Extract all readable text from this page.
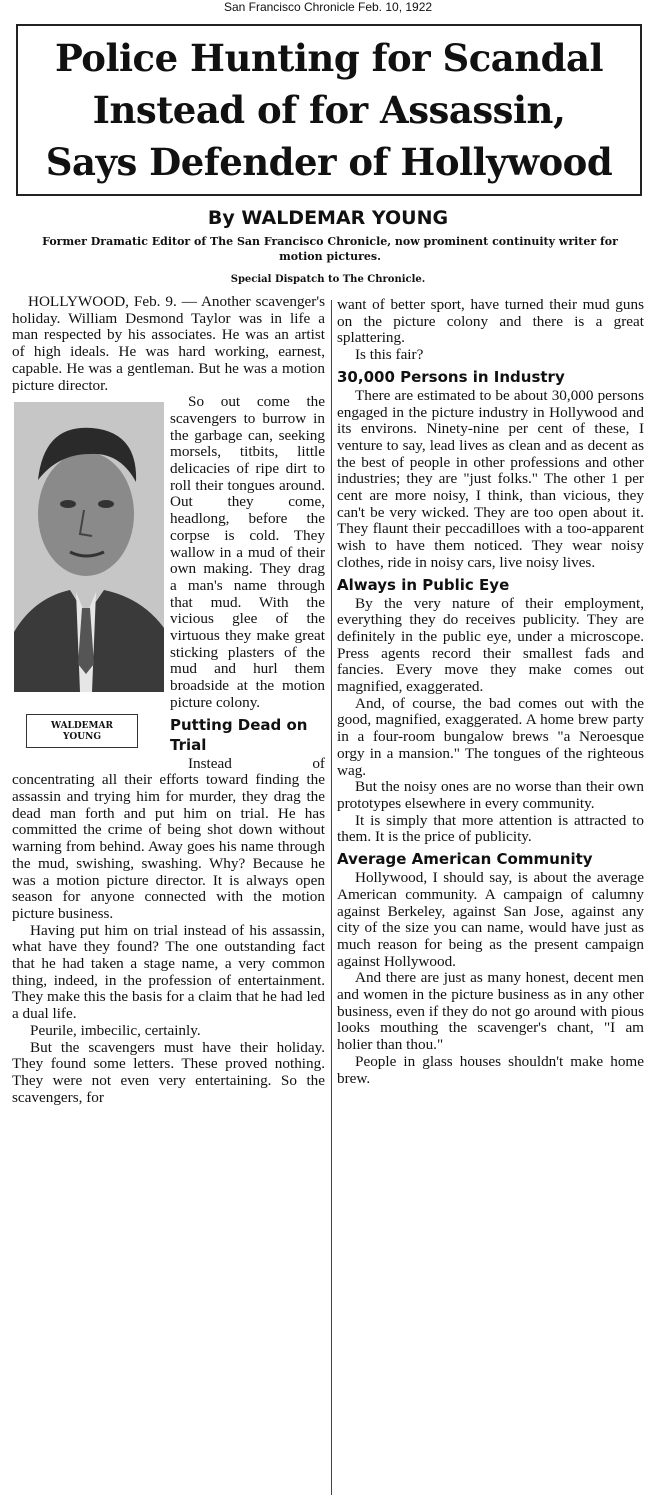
San Francisco Chronicle Feb. 10, 1922
Police Hunting for Scandal
Instead of for Assassin,
Says Defender of Hollywood
By WALDEMAR YOUNG
Former Dramatic Editor of The San Francisco Chronicle, now prominent continuity writer for motion pictures.
Special Dispatch to The Chronicle.

HOLLYWOOD, Feb. 9. — Another scavenger's holiday. William Desmond Taylor was in life a man respected by his associates. He was an artist of high ideals. He was hard working, earnest, capable. He was a gentleman. But he was a motion picture director.

WALDEMAR
YOUNG

So out come the scavengers to burrow in the garbage can, seeking morsels, titbits, little delicacies of ripe dirt to roll their tongues around. Out they come, headlong, before the corpse is cold. They wallow in a mud of their own making. They drag a man's name through that mud. With the vicious glee of the virtuous they make great sticking plasters of the mud and hurl them broadside at the motion picture colony.

Putting Dead on Trial

Instead of concentrating all their efforts toward finding the assassin and trying him for murder, they drag the dead man forth and put him on trial. He has committed the crime of being shot down without warning from behind. Away goes his name through the mud, swishing, swashing. Why? Because he was a motion picture director. It is always open season for anyone connected with the motion picture business.

Having put him on trial instead of his assassin, what have they found? The one outstanding fact that he had taken a stage name, a very common thing, indeed, in the profession of entertainment. They make this the basis for a claim that he had led a dual life.

Peurile, imbecilic, certainly.

But the scavengers must have their holiday. They found some letters. These proved nothing. They were not even very entertaining. So the scavengers, for

want of better sport, have turned their mud guns on the picture colony and there is a great splattering.

Is this fair?

30,000 Persons in Industry

There are estimated to be about 30,000 persons engaged in the picture industry in Hollywood and its environs. Ninety-nine per cent of these, I venture to say, lead lives as clean and as decent as the best of people in other professions and other industries; they are "just folks." The other 1 per cent are more noisy, I think, than vicious, they can't be very wicked. They are too open about it. They flaunt their peccadilloes with a too-apparent wish to have them noticed. They wear noisy clothes, ride in noisy cars, live noisy lives.

Always in Public Eye

By the very nature of their employment, everything they do receives publicity. They are definitely in the public eye, under a microscope. Press agents record their smallest fads and fancies. Every move they make comes out magnified, exaggerated.

And, of course, the bad comes out with the good, magnified, exaggerated. A home brew party in a four-room bungalow brews "a Neroesque orgy in a mansion." The tongues of the righteous wag.

But the noisy ones are no worse than their own prototypes elsewhere in every community.

It is simply that more attention is attracted to them. It is the price of publicity.

Average American Community

Hollywood, I should say, is about the average American community. A campaign of calumny against Berkeley, against San Jose, against any city of the size you can name, would have just as much reason for being as the present campaign against Hollywood.

And there are just as many honest, decent men and women in the picture business as in any other business, even if they do not go around with pious looks mouthing the scavenger's chant, "I am holier than thou."

People in glass houses shouldn't make home brew.
